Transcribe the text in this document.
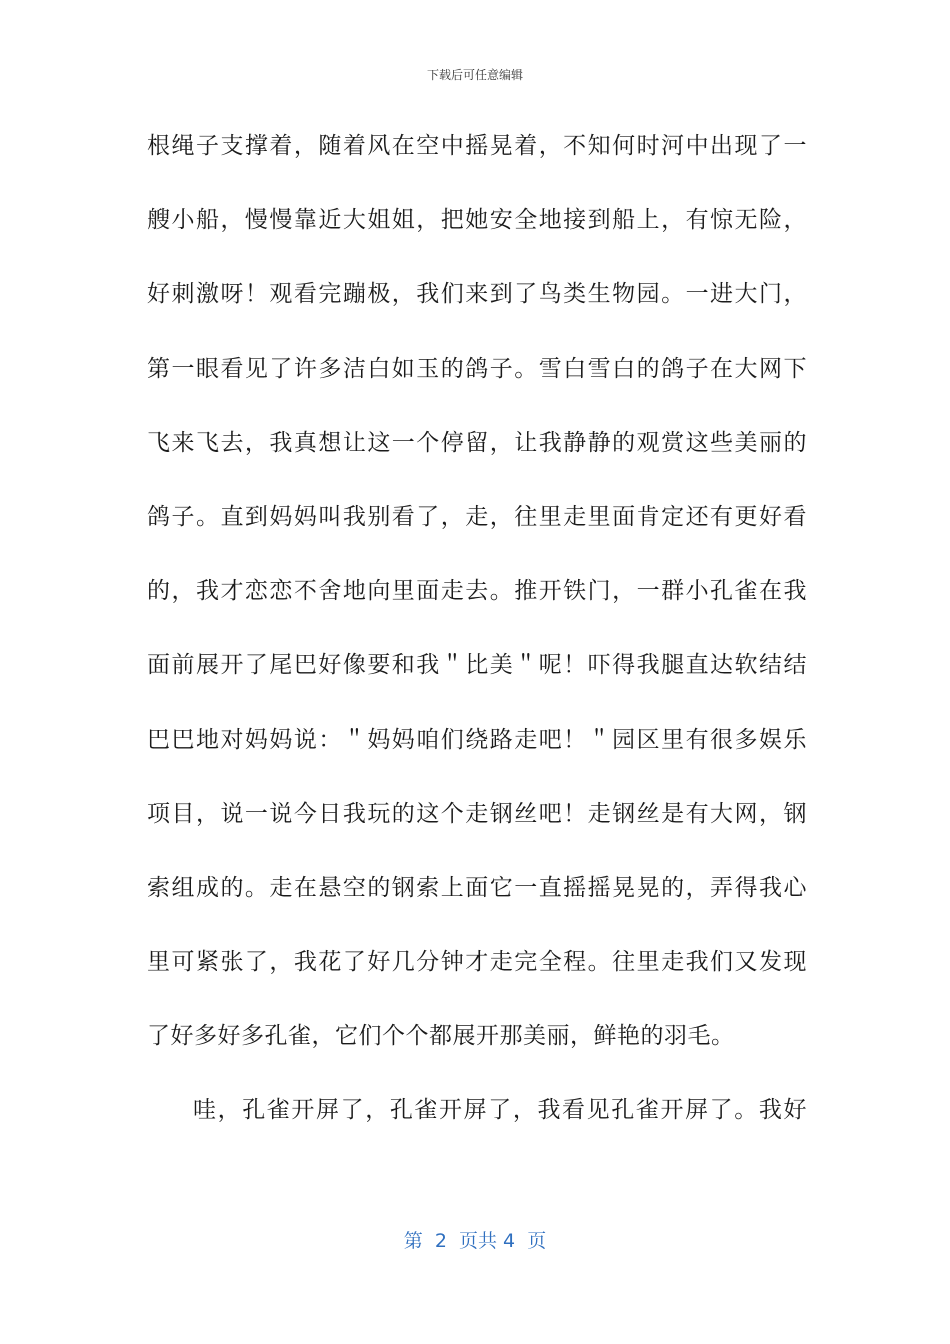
下载后可任意编辑
根绳子支撑着，随着风在空中摇晃着，不知何时河中出现了一
艘小船，慢慢靠近大姐姐，把她安全地接到船上，有惊无险，
好刺激呀！观看完蹦极，我们来到了鸟类生物园。一进大门，
第一眼看见了许多洁白如玉的鸽子。雪白雪白的鸽子在大网下
飞来飞去，我真想让这一个停留，让我静静的观赏这些美丽的
鸽子。直到妈妈叫我别看了，走，往里走里面肯定还有更好看
的，我才恋恋不舍地向里面走去。推开铁门，一群小孔雀在我
面前展开了尾巴好像要和我＂比美＂呢！吓得我腿直达软结结
巴巴地对妈妈说：＂妈妈咱们绕路走吧！＂园区里有很多娱乐
项目，说一说今日我玩的这个走钢丝吧！走钢丝是有大网，钢
索组成的。走在悬空的钢索上面它一直摇摇晃晃的，弄得我心
里可紧张了，我花了好几分钟才走完全程。往里走我们又发现
了好多好多孔雀，它们个个都展开那美丽，鲜艳的羽毛。
哇，孔雀开屏了，孔雀开屏了，我看见孔雀开屏了。我好
第  2  页共 4  页
